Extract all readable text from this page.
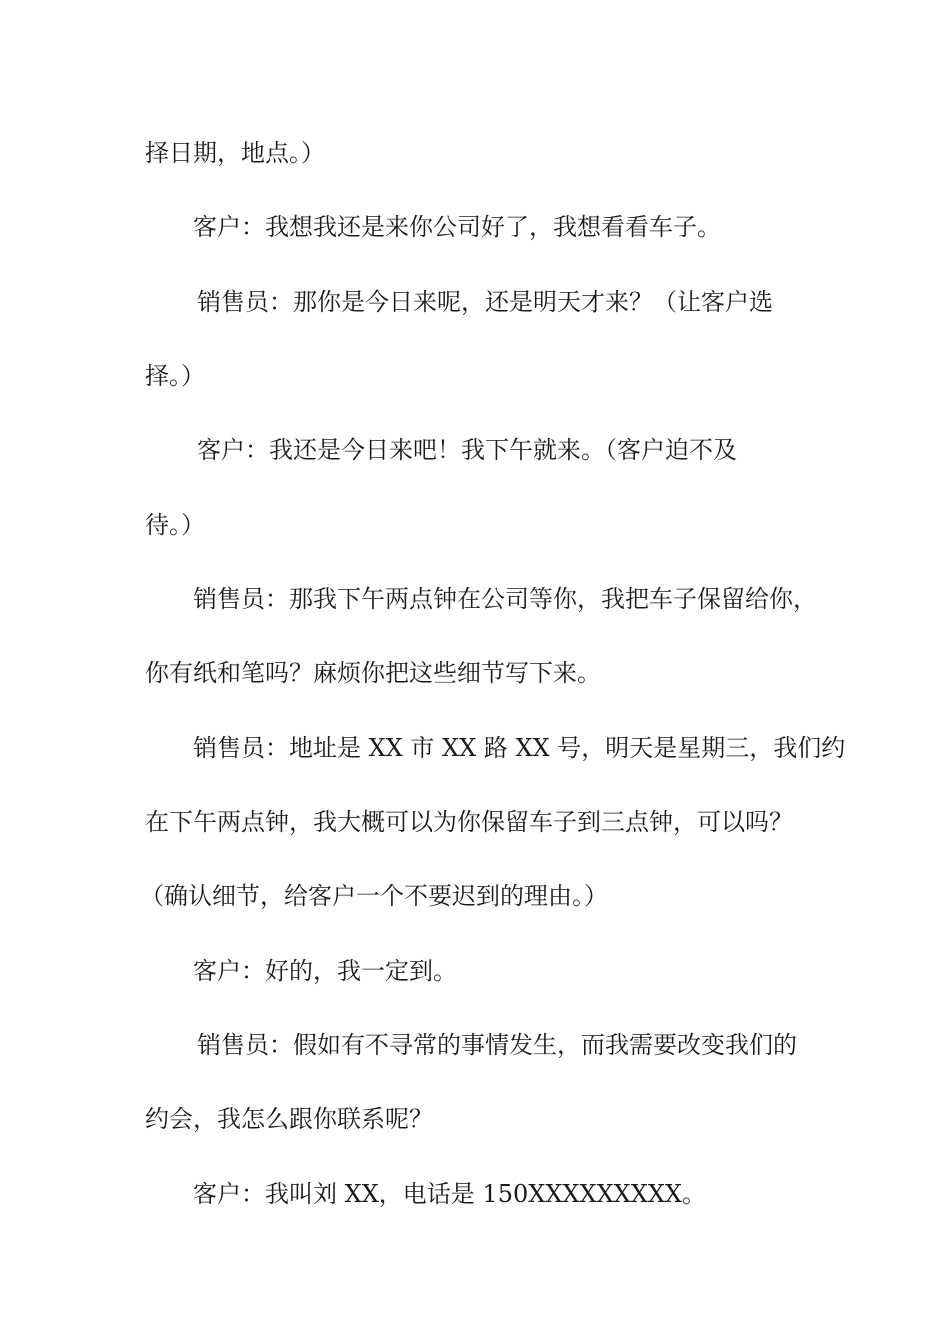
择日期，地点。）

客户：我想我还是来你公司好了，我想看看车子。

销售员：那你是今日来呢，还是明天才来？（让客户选

择。）

客户：我还是今日来吧！我下午就来。（客户迫不及

待。）

销售员：那我下午两点钟在公司等你，我把车子保留给你，

你有纸和笔吗？麻烦你把这些细节写下来。

销售员：地址是 XX 市 XX 路 XX 号，明天是星期三，我们约

在下午两点钟，我大概可以为你保留车子到三点钟，可以吗？

（确认细节，给客户一个不要迟到的理由。）

客户：好的，我一定到。

销售员：假如有不寻常的事情发生，而我需要改变我们的

约会，我怎么跟你联系呢？

客户：我叫刘 XX，电话是 150XXXXXXXXX。
